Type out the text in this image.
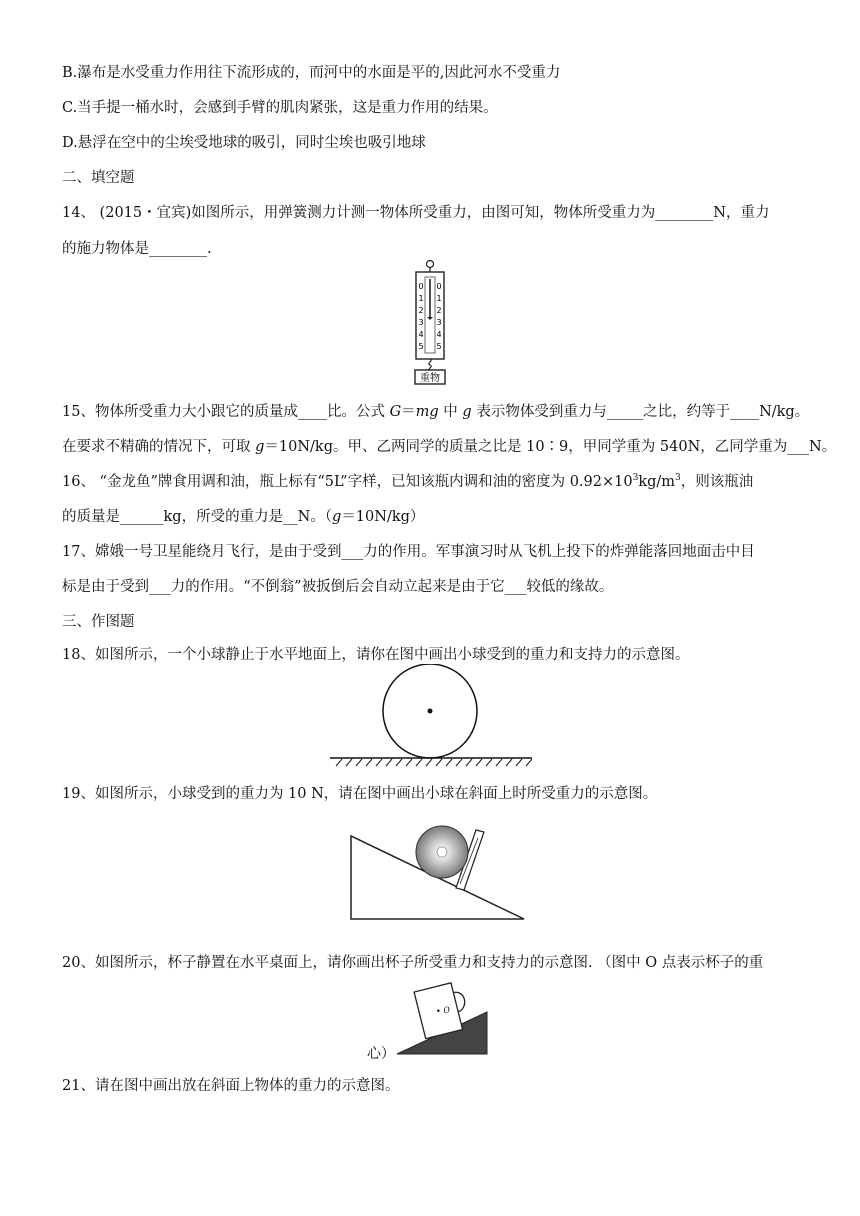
B.瀑布是水受重力作用往下流形成的，而河中的水面是平的,因此河水不受重力
C.当手提一桶水时，会感到手臂的肌肉紧张，这是重力作用的结果。
D.悬浮在空中的尘埃受地球的吸引，同时尘埃也吸引地球
二、填空题
14、 (2015・宜宾)如图所示，用弹簧测力计测一物体所受重力，由图可知，物体所受重力为________N，重力
的施力物体是________.
0
1
2
3
4
5
0
1
2
3
4
5
重物
15、物体所受重力大小跟它的质量成____比。公式 G＝mg 中 g 表示物体受到重力与_____之比，约等于____N/kg。
在要求不精确的情况下，可取 g＝10N/kg。甲、乙两同学的质量之比是 10∶9，甲同学重为 540N，乙同学重为___N。
16、 “金龙鱼”牌食用调和油，瓶上标有“5L”字样，已知该瓶内调和油的密度为 $0.92\times 10^3kg/m^3$，则该瓶油
的质量是______kg，所受的重力是__N。（g＝10N/kg）
17、嫦娥一号卫星能绕月飞行，是由于受到___力的作用。军事演习时从飞机上投下的炸弹能落回地面击中目
标是由于受到___力的作用。“不倒翁”被扳倒后会自动立起来是由于它___较低的缘故。
三、作图题
18、如图所示，一个小球静止于水平地面上，请你在图中画出小球受到的重力和支持力的示意图。
19、如图所示，小球受到的重力为 10 N，请在图中画出小球在斜面上时所受重力的示意图。
20、如图所示，杯子静置在水平桌面上，请你画出杯子所受重力和支持力的示意图. （图中 O 点表示杯子的重
O
心）
21、请在图中画出放在斜面上物体的重力的示意图。
